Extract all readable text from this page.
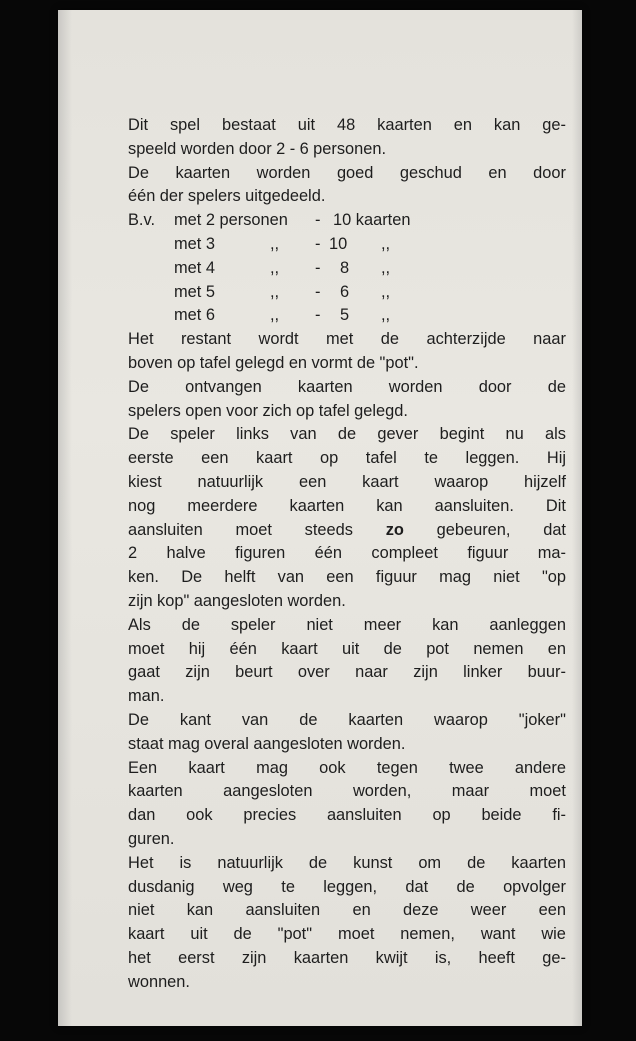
Dit spel bestaat uit 48 kaarten en kan ge-
speeld worden door 2 - 6 personen.
De kaarten worden goed geschud en door
één der spelers uitgedeeld.
B.v. met 2 personen - 10 kaarten
met 3	,, - 10 ,,
met 4	,, - 8 ,,
met 5	,, - 6 ,,
met 6	,, - 5 ,,
Het restant wordt met de achterzijde naar
boven op tafel gelegd en vormt de "pot".
De ontvangen kaarten worden door de
spelers open voor zich op tafel gelegd.
De speler links van de gever begint nu als
eerste een kaart op tafel te leggen. Hij
kiest natuurlijk een kaart waarop hijzelf
nog meerdere kaarten kan aansluiten. Dit
aansluiten moet steeds zo gebeuren, dat
2 halve figuren één compleet figuur ma-
ken. De helft van een figuur mag niet "op
zijn kop" aangesloten worden.
Als de speler niet meer kan aanleggen
moet hij één kaart uit de pot nemen en
gaat zijn beurt over naar zijn linker buur-
man.
De kant van de kaarten waarop "joker"
staat mag overal aangesloten worden.
Een kaart mag ook tegen twee andere
kaarten aangesloten worden, maar moet
dan ook precies aansluiten op beide fi-
guren.
Het is natuurlijk de kunst om de kaarten
dusdanig weg te leggen, dat de opvolger
niet kan aansluiten en deze weer een
kaart uit de "pot" moet nemen, want wie
het eerst zijn kaarten kwijt is, heeft ge-
wonnen.
